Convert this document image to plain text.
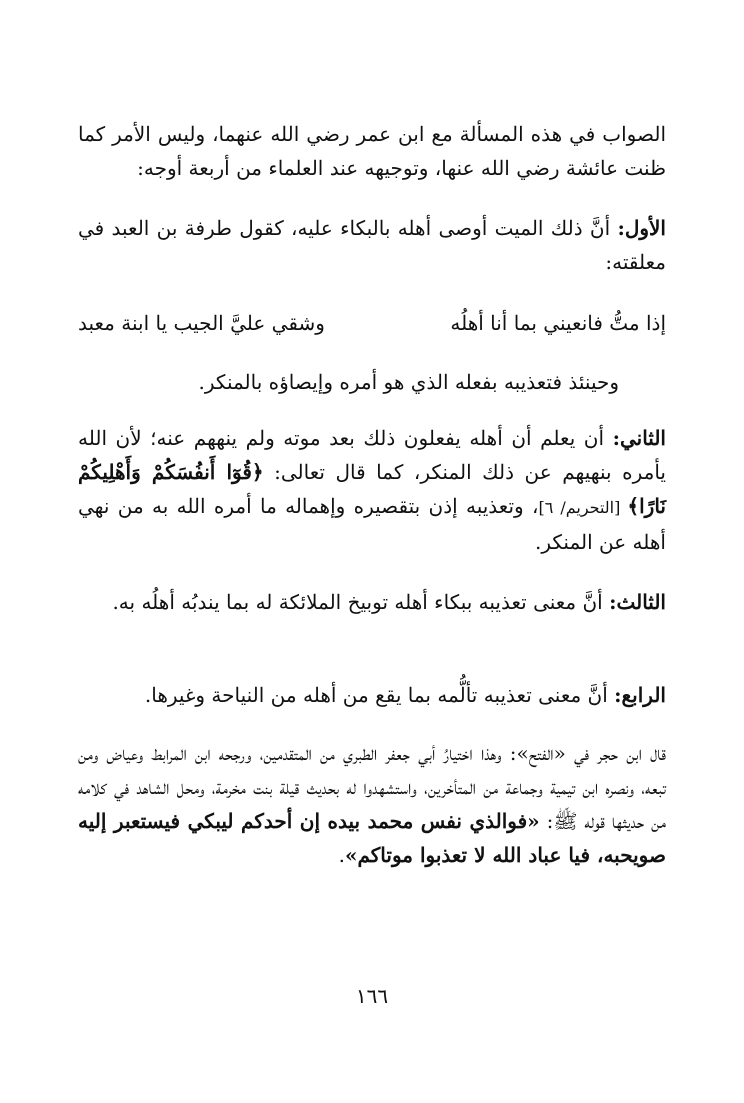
الصواب في هذه المسألة مع ابن عمر رضي الله عنهما، وليس الأمر كما ظنت عائشة رضي الله عنها، وتوجيهه عند العلماء من أربعة أوجه:

الأول: أنَّ ذلك الميت أوصى أهله بالبكاء عليه، كقول طرفة بن العبد في معلقته:

إذا متُّ فانعيني بما أنا أهلُه
وشقي عليَّ الجيب يا ابنة معبد

وحينئذ فتعذيبه بفعله الذي هو أمره وإيصاؤه بالمنكر.

الثاني: أن يعلم أن أهله يفعلون ذلك بعد موته ولم ينههم عنه؛ لأن الله يأمره بنهيهم عن ذلك المنكر، كما قال تعالى: ﴿قُوٓا أَنفُسَكُمْ وَأَهْلِيكُمْ نَارًا﴾ [التحريم/ ٦]، وتعذيبه إذن بتقصيره وإهماله ما أمره الله به من نهي أهله عن المنكر.

الثالث: أنَّ معنى تعذيبه ببكاء أهله توبيخ الملائكة له بما يندبُه أهلُه به.

الرابع: أنَّ معنى تعذيبه تألُّمه بما يقع من أهله من النياحة وغيرها.

قال ابن حجر في «الفتح»: وهذا اختيارُ أبي جعفر الطبري من المتقدمين، ورجحه ابن المرابط وعياض ومن تبعه، ونصره ابن تيمية وجماعة من المتأخرين، واستشهدوا له بحديث قيلة بنت مخرمة، ومحل الشاهد في كلامه من حديثها قوله ﷺ: «فوالذي نفس محمد بيده إن أحدكم ليبكي فيستعبر إليه صويحبه، فيا عباد الله لا تعذبوا موتاكم».

١٦٦
